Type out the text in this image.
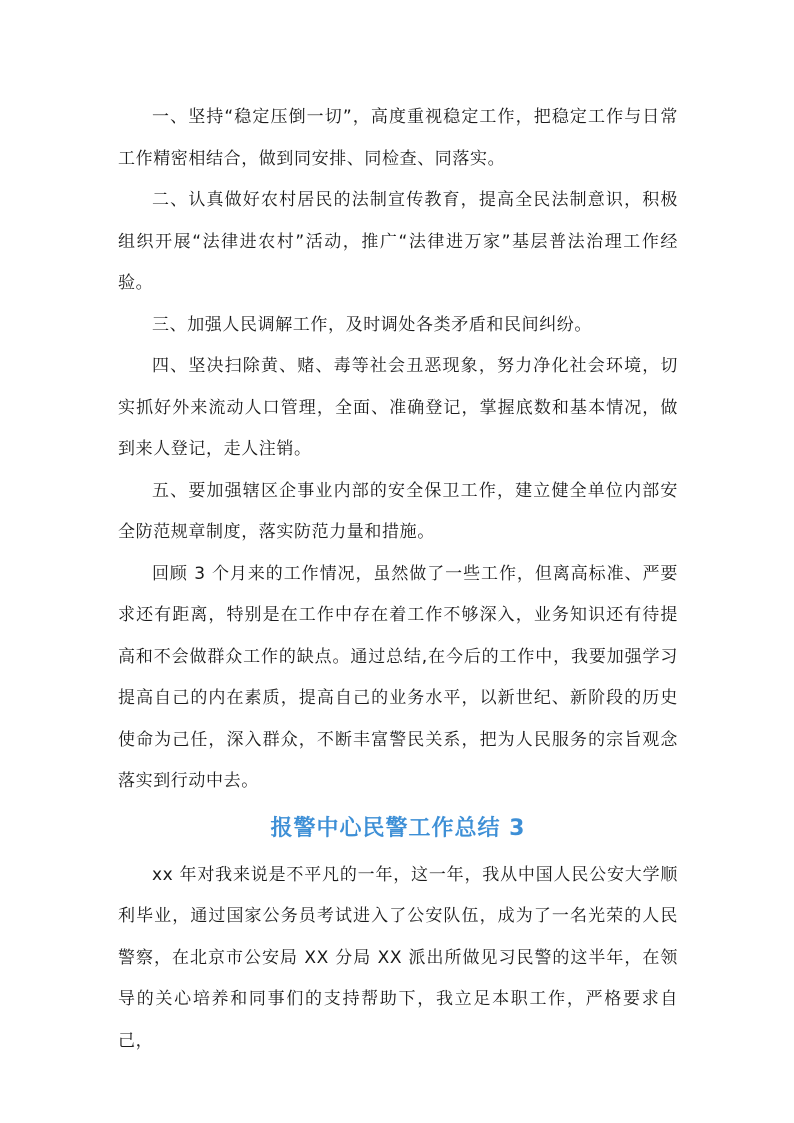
一、坚持“稳定压倒一切”，高度重视稳定工作，把稳定工作与日常工作精密相结合，做到同安排、同检查、同落实。

二、认真做好农村居民的法制宣传教育，提高全民法制意识，积极组织开展“法律进农村”活动，推广“法律进万家”基层普法治理工作经验。

三、加强人民调解工作，及时调处各类矛盾和民间纠纷。

四、坚决扫除黄、赌、毒等社会丑恶现象，努力净化社会环境，切实抓好外来流动人口管理，全面、准确登记，掌握底数和基本情况，做到来人登记，走人注销。

五、要加强辖区企事业内部的安全保卫工作，建立健全单位内部安全防范规章制度，落实防范力量和措施。

回顾 3 个月来的工作情况，虽然做了一些工作，但离高标准、严要求还有距离，特别是在工作中存在着工作不够深入，业务知识还有待提高和不会做群众工作的缺点。通过总结,在今后的工作中，我要加强学习提高自己的内在素质，提高自己的业务水平，以新世纪、新阶段的历史使命为己任，深入群众，不断丰富警民关系，把为人民服务的宗旨观念落实到行动中去。

报警中心民警工作总结 3

xx 年对我来说是不平凡的一年，这一年，我从中国人民公安大学顺利毕业，通过国家公务员考试进入了公安队伍，成为了一名光荣的人民警察，在北京市公安局 XX 分局 XX 派出所做见习民警的这半年，在领导的关心培养和同事们的支持帮助下，我立足本职工作，严格要求自己，
